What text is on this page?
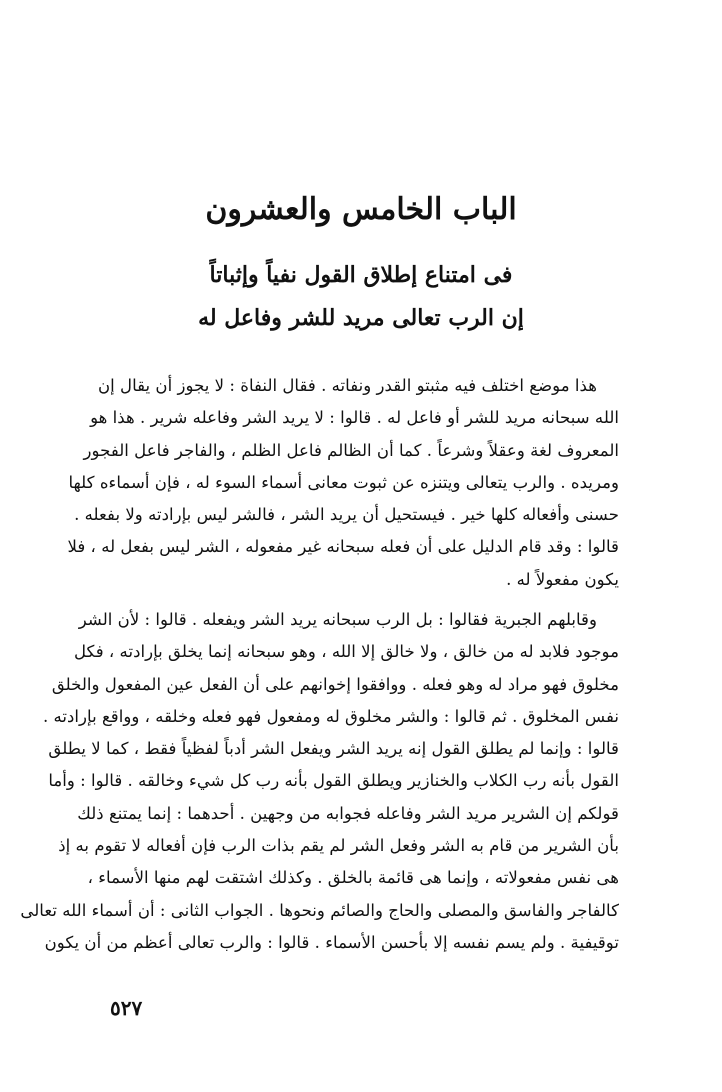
الباب الخامس والعشرون
فى امتناع إطلاق القول نفياً وإثباتاً
إن الرب تعالى مريد للشر وفاعل له
هذا موضع اختلف فيه مثبتو القدر ونفاته . فقال النفاة : لا يجوز أن يقال إن
الله سبحانه مريد للشر أو فاعل له . قالوا : لا يريد الشر وفاعله شرير . هذا هو
المعروف لغة وعقلاً وشرعاً . كما أن الظالم فاعل الظلم ، والفاجر فاعل الفجور
ومريده . والرب يتعالى ويتنزه عن ثبوت معانى أسماء السوء له ، فإن أسماءه كلها
حسنى وأفعاله كلها خير . فيستحيل أن يريد الشر ، فالشر ليس بإرادته ولا بفعله .
قالوا : وقد قام الدليل على أن فعله سبحانه غير مفعوله ، الشر ليس بفعل له ، فلا
يكون مفعولاً له .
وقابلهم الجبرية فقالوا : بل الرب سبحانه يريد الشر ويفعله . قالوا : لأن الشر
موجود فلابد له من خالق ، ولا خالق إلا الله ، وهو سبحانه إنما يخلق بإرادته ، فكل
مخلوق فهو مراد له وهو فعله . ووافقوا إخوانهم على أن الفعل عين المفعول والخلق
نفس المخلوق . ثم قالوا : والشر مخلوق له ومفعول فهو فعله وخلقه ، وواقع بإرادته .
قالوا : وإنما لم يطلق القول إنه يريد الشر ويفعل الشر أدباً لفظياً فقط ، كما لا يطلق
القول بأنه رب الكلاب والخنازير ويطلق القول بأنه رب كل شيء وخالقه . قالوا : وأما
قولكم إن الشرير مريد الشر وفاعله فجوابه من وجهين . أحدهما : إنما يمتنع ذلك
بأن الشرير من قام به الشر وفعل الشر لم يقم بذات الرب فإن أفعاله لا تقوم به إذ
هى نفس مفعولاته ، وإنما هى قائمة بالخلق . وكذلك اشتقت لهم منها الأسماء ،
كالفاجر والفاسق والمصلى والحاج والصائم ونحوها . الجواب الثانى : أن أسماء الله تعالى
توقيفية . ولم يسم نفسه إلا بأحسن الأسماء . قالوا : والرب تعالى أعظم من أن يكون
٥٢٧
